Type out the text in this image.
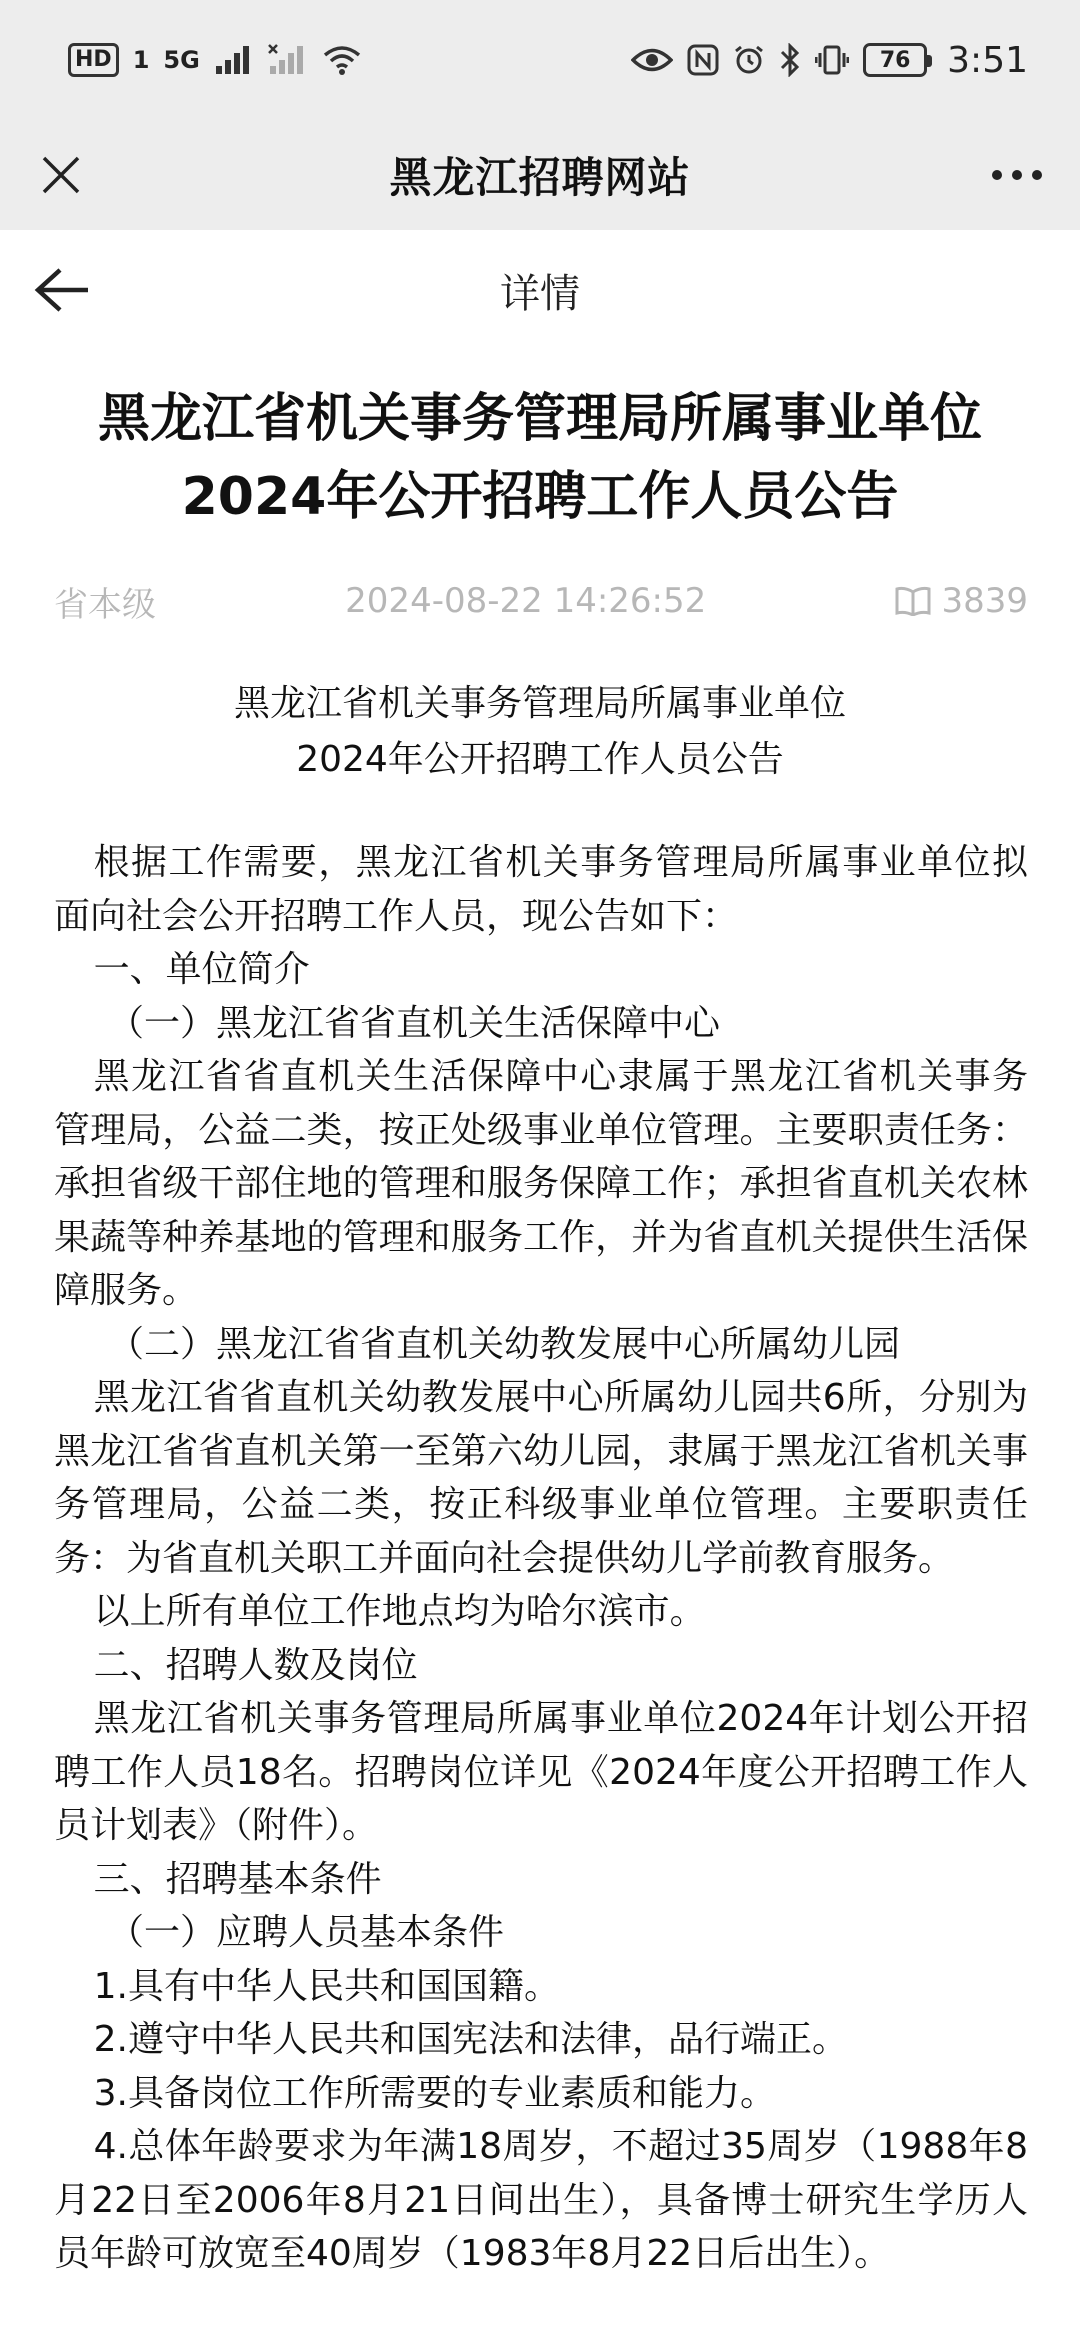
HD 1 5G	76	3:51
黑龙江招聘网站
详情
黑龙江省机关事务管理局所属事业单位
2024年公开招聘工作人员公告
省本级	2024-08-22 14:26:52	3839
黑龙江省机关事务管理局所属事业单位
2024年公开招聘工作人员公告

根据工作需要，黑龙江省机关事务管理局所属事业单位拟面向社会公开招聘工作人员，现公告如下：

一、单位简介

（一）黑龙江省省直机关生活保障中心

黑龙江省省直机关生活保障中心隶属于黑龙江省机关事务管理局，公益二类，按正处级事业单位管理。主要职责任务：承担省级干部住地的管理和服务保障工作；承担省直机关农林果蔬等种养基地的管理和服务工作，并为省直机关提供生活保障服务。

（二）黑龙江省省直机关幼教发展中心所属幼儿园

黑龙江省省直机关幼教发展中心所属幼儿园共6所，分别为黑龙江省省直机关第一至第六幼儿园，隶属于黑龙江省机关事务管理局，公益二类，按正科级事业单位管理。主要职责任务：为省直机关职工并面向社会提供幼儿学前教育服务。

以上所有单位工作地点均为哈尔滨市。

二、招聘人数及岗位

黑龙江省机关事务管理局所属事业单位2024年计划公开招聘工作人员18名。招聘岗位详见《2024年度公开招聘工作人员计划表》（附件）。

三、招聘基本条件

（一）应聘人员基本条件

1.具有中华人民共和国国籍。

2.遵守中华人民共和国宪法和法律，品行端正。

3.具备岗位工作所需要的专业素质和能力。

4.总体年龄要求为年满18周岁，不超过35周岁（1988年8月22日至2006年8月21日间出生），具备博士研究生学历人员年龄可放宽至40周岁（1983年8月22日后出生）。
